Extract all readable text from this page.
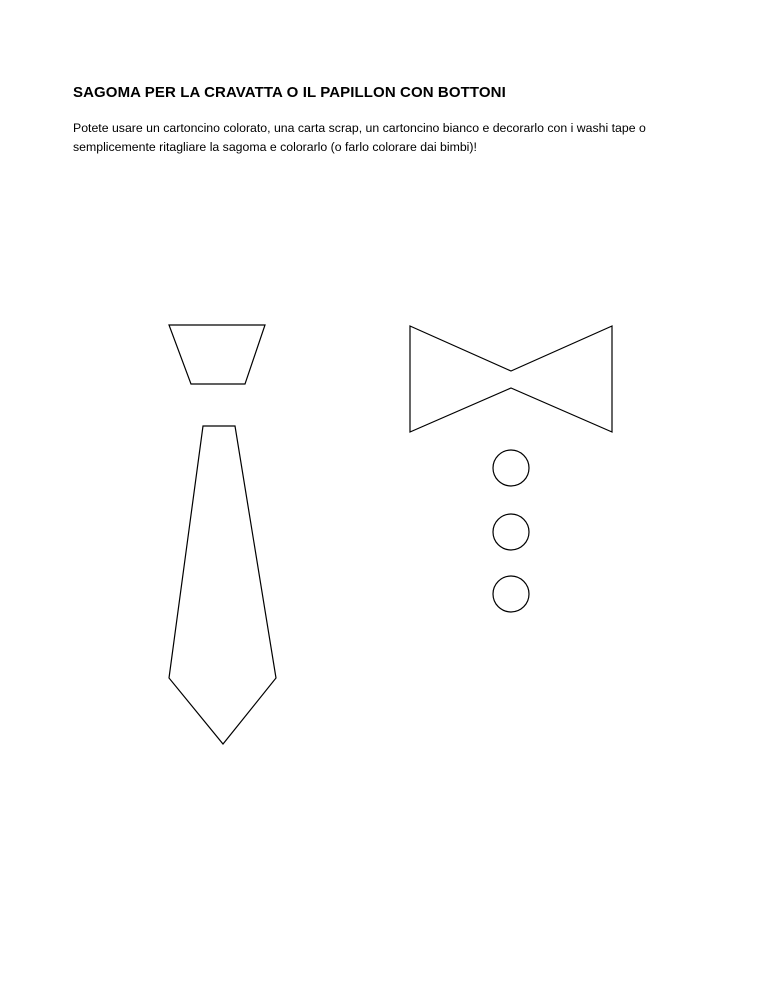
SAGOMA PER LA CRAVATTA O IL PAPILLON CON BOTTONI

Potete usare un cartoncino colorato, una carta scrap, un cartoncino bianco e decorarlo con i washi tape o semplicemente ritagliare la sagoma e colorarlo (o farlo colorare dai bimbi)!
